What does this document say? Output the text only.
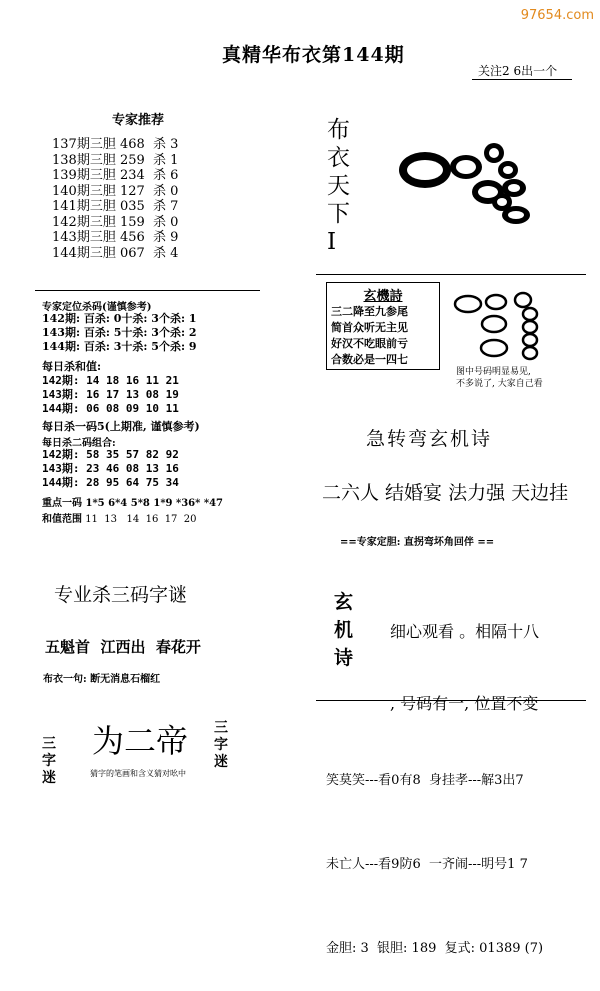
97654.com
真精华布衣第144期
关注2 6出一个
专家推荐
137期三胆 468  杀 3
138期三胆 259  杀 1
139期三胆 234  杀 6
140期三胆 127  杀 0
141期三胆 035  杀 7
142期三胆 159  杀 0
143期三胆 456  杀 9
144期三胆 067  杀 4
专家定位杀码(谨慎参考)
142期: 百杀: 0十杀: 3个杀: 1
143期: 百杀: 5十杀: 3个杀: 2
144期: 百杀: 3十杀: 5个杀: 9
每日杀和值:
142期: 14 18 16 11 21
143期: 16 17 13 08 19
144期: 06 08 09 10 11
每日杀一码5(上期准, 谨慎参考)
每日杀二码组合:
142期: 58 35 57 82 92
143期: 23 46 08 13 16
144期: 28 95 64 75 34
重点一码 1*5 6*4 5*8 1*9 *36* *47
和值范围 11  13   14  16  17  20
专业杀三码字谜
五魁首  江西出  春花开
布衣一句: 断无消息石榴红
三字迷
为二帝 三字迷
猜字的笔画和含义猜对吆中
布衣天下I
玄機詩
三二降至九参尾
简首众听无主见
好汉不吃眼前亏
合数必是一四七
图中号码明显易见,
不多说了, 大家自己看
急转弯玄机诗
二六人 结婚宴 法力强 天边挂
==专家定胆: 直拐弯坏角回伴 ==
玄机诗

细心观看 。相隔十八

, 号码有一, 位置不变

笑莫笑---看0有8  身挂孝---解3出7

未亡人---看9防6  一齐闹---明号1 7

金胆: 3  银胆: 189  复式: 01389 (7)
